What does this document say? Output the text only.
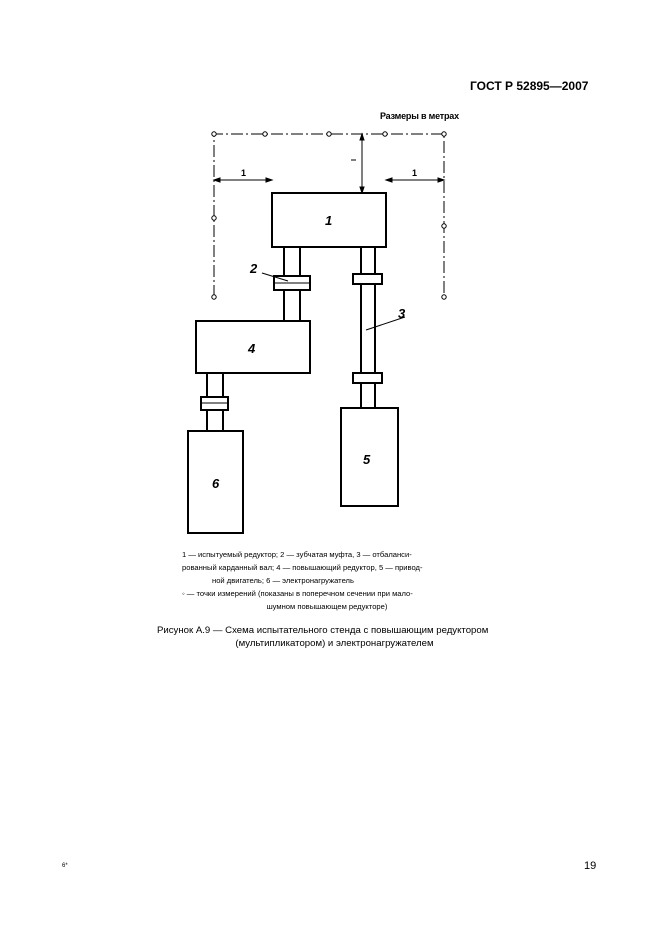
ГОСТ Р 52895—2007
Размеры в метрах
1
2
3
4
5
6
1	1

1 — испытуемый редуктор; 2 — зубчатая муфта, 3 — отбаланси-

рованный карданный вал; 4 — повышающий редуктор, 5 — привод-

ной двигатель; 6 — электронагружатель

◦ — точки измерений (показаны в поперечном сечении при мало-

шумном повышающем редукторе)

Рисунок А.9 — Схема испытательного стенда с повышающим редуктором
(мультипликатором) и электронагружателем
6*	19
